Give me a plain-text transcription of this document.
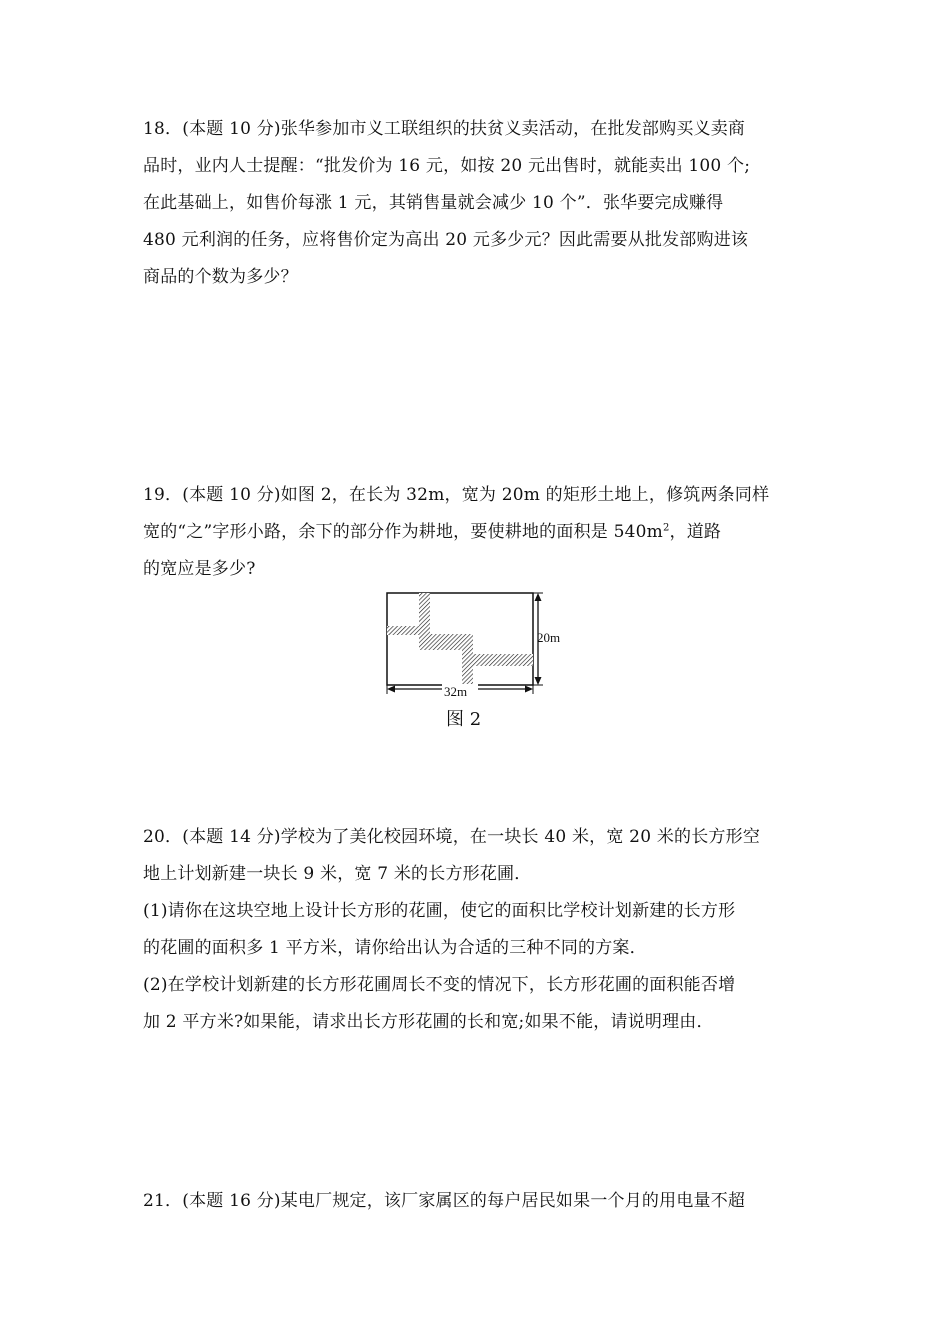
18．(本题 10 分)张华参加市义工联组织的扶贫义卖活动，在批发部购买义卖商
品时，业内人士提醒：“批发价为 16 元，如按 20 元出售时，就能卖出 100 个;
在此基础上，如售价每涨 1 元，其销售量就会减少 10 个”．张华要完成赚得
480 元利润的任务，应将售价定为高出 20 元多少元？因此需要从批发部购进该
商品的个数为多少？
19．(本题 10 分)如图 2，在长为 32m，宽为 20m 的矩形土地上，修筑两条同样
宽的“之”字形小路，余下的部分作为耕地，要使耕地的面积是 $540m^2$，道路
的宽应是多少?
20m
32m
图 2
20．(本题 14 分)学校为了美化校园环境，在一块长 40 米，宽 20 米的长方形空
地上计划新建一块长 9 米，宽 7 米的长方形花圃．
(1)请你在这块空地上设计长方形的花圃，使它的面积比学校计划新建的长方形
的花圃的面积多 1 平方米，请你给出认为合适的三种不同的方案．
(2)在学校计划新建的长方形花圃周长不变的情况下，长方形花圃的面积能否增
加 2 平方米?如果能，请求出长方形花圃的长和宽;如果不能，请说明理由．
21．(本题 16 分)某电厂规定，该厂家属区的每户居民如果一个月的用电量不超
